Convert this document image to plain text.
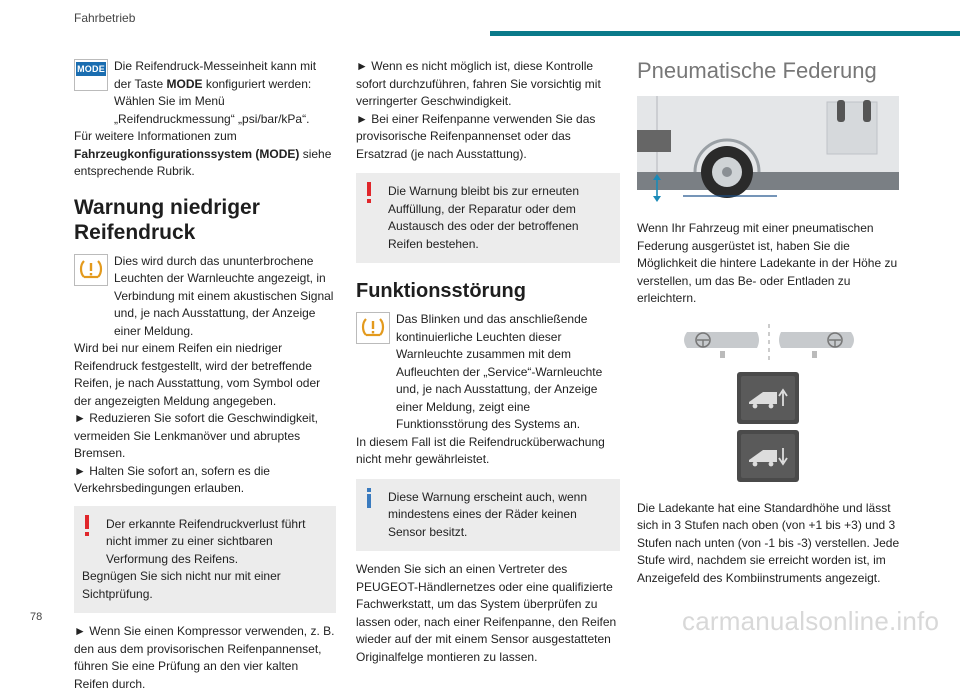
Fahrbetrieb
MODE Die Reifendruck-Messeinheit kann mit der Taste MODE konfiguriert werden: Wählen Sie im Menü „Reifendruckmessung“ „psi/bar/kPa“.

Für weitere Informationen zum Fahrzeugkonfigurationssystem (MODE) siehe entsprechende Rubrik.

Warnung niedriger Reifendruck
Dies wird durch das ununterbrochene Leuchten der Warnleuchte angezeigt, in Verbindung mit einem akustischen Signal und, je nach Ausstattung, der Anzeige einer Meldung.

Wird bei nur einem Reifen ein niedriger Reifendruck festgestellt, wird der betreffende Reifen, je nach Ausstattung, vom Symbol oder der angezeigten Meldung angegeben.

► Reduzieren Sie sofort die Geschwindigkeit, vermeiden Sie Lenkmanöver und abruptes Bremsen.

► Halten Sie sofort an, sofern es die Verkehrsbedingungen erlauben.

Der erkannte Reifendruckverlust führt nicht immer zu einer sichtbaren Verformung des Reifens.

Begnügen Sie sich nicht nur mit einer Sichtprüfung.

► Wenn Sie einen Kompressor verwenden, z. B. den aus dem provisorischen Reifenpannenset, führen Sie eine Prüfung an den vier kalten Reifen durch.

► Wenn es nicht möglich ist, diese Kontrolle sofort durchzuführen, fahren Sie vorsichtig mit verringerter Geschwindigkeit.

► Bei einer Reifenpanne verwenden Sie das provisorische Reifenpannenset oder das Ersatzrad (je nach Ausstattung).

Die Warnung bleibt bis zur erneuten Auffüllung, der Reparatur oder dem Austausch des oder der betroffenen Reifen bestehen.

Funktionsstörung
Das Blinken und das anschließende kontinuierliche Leuchten dieser Warnleuchte zusammen mit dem Aufleuchten der „Service“-Warnleuchte und, je nach Ausstattung, der Anzeige einer Meldung, zeigt eine Funktionsstörung des Systems an.

In diesem Fall ist die Reifendrucküberwachung nicht mehr gewährleistet.

Diese Warnung erscheint auch, wenn mindestens eines der Räder keinen Sensor besitzt.

Wenden Sie sich an einen Vertreter des PEUGEOT-Händlernetzes oder eine qualifizierte Fachwerkstatt, um das System überprüfen zu lassen oder, nach einer Reifenpanne, den Reifen wieder auf der mit einem Sensor ausgestatteten Originalfelge montieren zu lassen.

Pneumatische Federung

Wenn Ihr Fahrzeug mit einer pneumatischen Federung ausgerüstet ist, haben Sie die Möglichkeit die hintere Ladekante in der Höhe zu verstellen, um das Be- oder Entladen zu erleichtern.

Die Ladekante hat eine Standardhöhe und lässt sich in 3 Stufen nach oben (von +1 bis +3) und 3 Stufen nach unten (von -1 bis -3) verstellen. Jede Stufe wird, nachdem sie erreicht worden ist, im Anzeigefeld des Kombiinstruments angezeigt.

78	carmanualsonline.info
